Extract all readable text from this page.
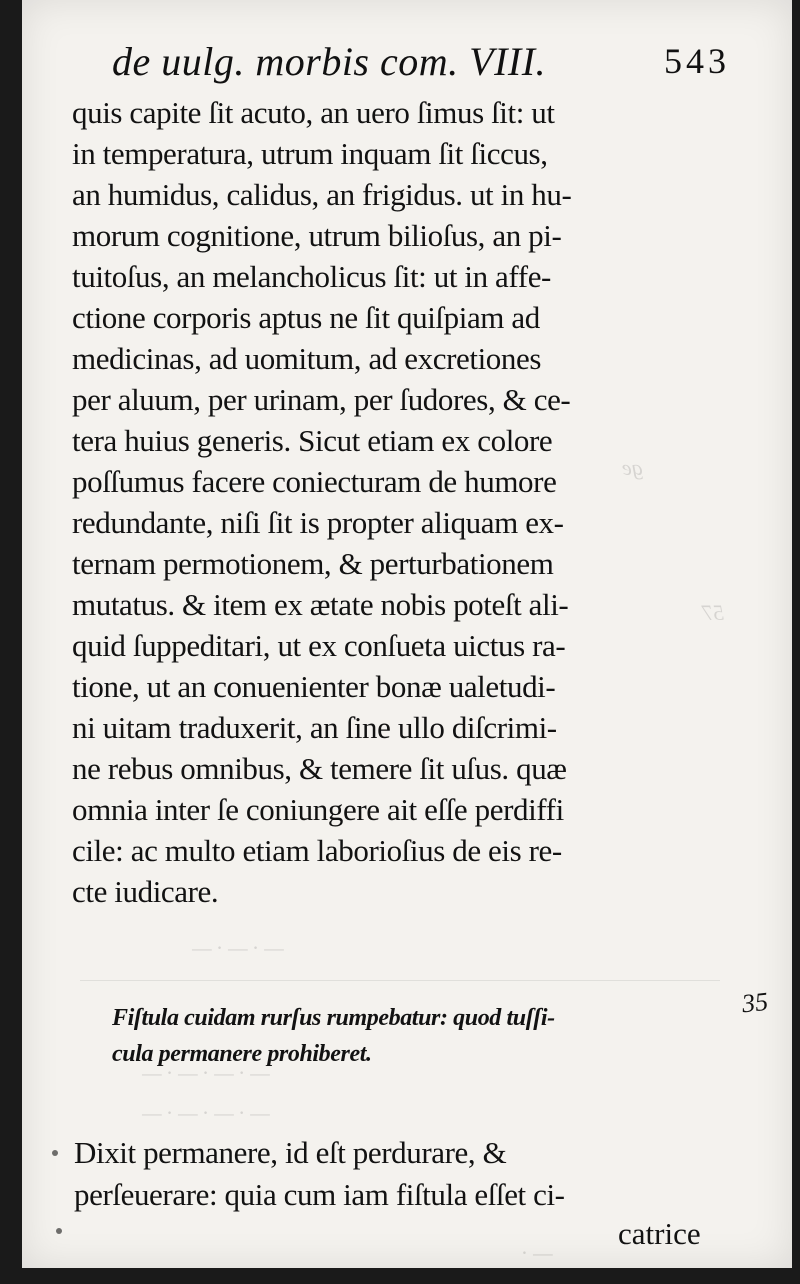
ge
57
— · — · —
— · — · — · —
— · — · — · —
— ·
de uulg. morbis com. VIII.	543
quis capite ſit acuto, an uero ſimus ſit: ut
in temperatura, utrum inquam ſit ſiccus,
an humidus, calidus, an frigidus. ut in hu-
morum cognitione, utrum bilioſus, an pi-
tuitoſus, an melancholicus ſit: ut in affe-
ctione corporis aptus ne ſit quiſpiam ad
medicinas, ad uomitum, ad excretiones
per aluum, per urinam, per ſudores, & ce-
tera huius generis. Sicut etiam ex colore
poſſumus facere coniecturam de humore
redundante, niſi ſit is propter aliquam ex-
ternam permotionem, & perturbationem
mutatus. & item ex ætate nobis poteſt ali-
quid ſuppeditari, ut ex conſueta uictus ra-
tione, ut an conuenienter bonæ ualetudi-
ni uitam traduxerit, an ſine ullo diſcrimi-
ne rebus omnibus, & temere ſit uſus. quæ
omnia inter ſe coniungere ait eſſe perdiffi
cile: ac multo etiam laborioſius de eis re-
cte iudicare.
Fiſtula cuidam rurſus rumpebatur: quod tuſſi-
cula permanere prohiberet.
35
Dixit permanere, id eſt perdurare, &
perſeuerare: quia cum iam fiſtula eſſet ci-
catrice
